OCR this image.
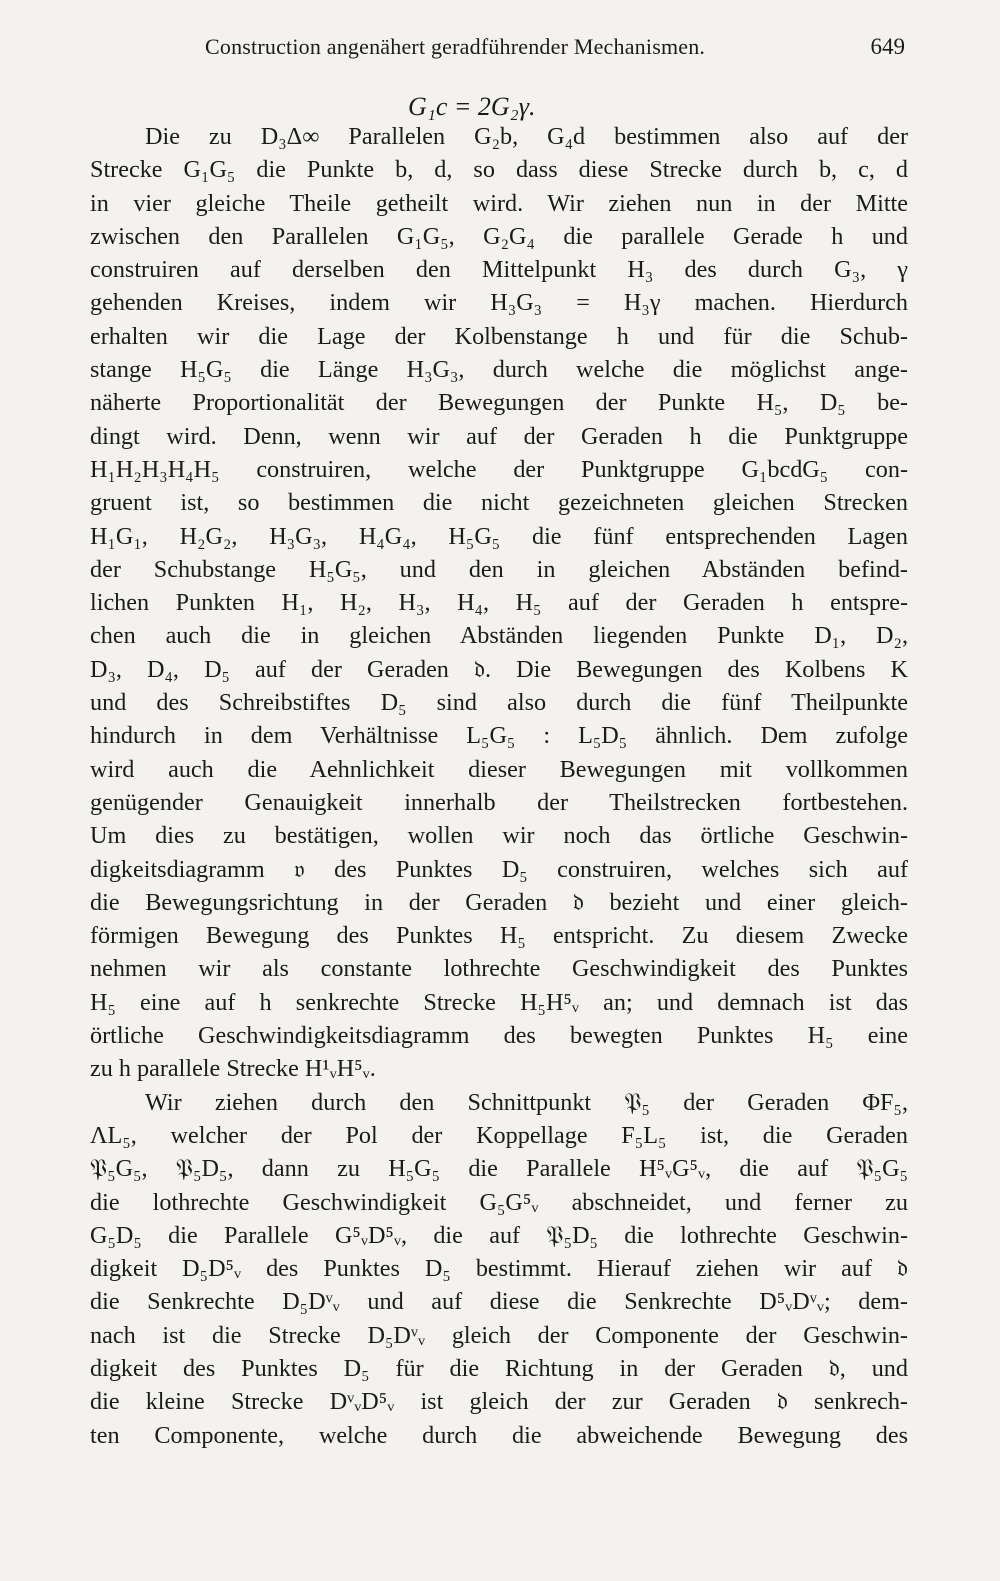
Construction angenähert geradführender Mechanismen.	649
G₁c = 2G₂γ.
Die zu D₃Δ∞ Parallelen G₂b, G₄d bestimmen also auf der
Strecke G₁G₅ die Punkte b, d, so dass diese Strecke durch b, c, d
in vier gleiche Theile getheilt wird. Wir ziehen nun in der Mitte
zwischen den Parallelen G₁G₅, G₂G₄ die parallele Gerade h und
construiren auf derselben den Mittelpunkt H₃ des durch G₃, γ
gehenden Kreises, indem wir H₃G₃ = H₃γ machen. Hierdurch
erhalten wir die Lage der Kolbenstange h und für die Schub-
stange H₅G₅ die Länge H₃G₃, durch welche die möglichst ange-
näherte Proportionalität der Bewegungen der Punkte H₅, D₅ be-
dingt wird. Denn, wenn wir auf der Geraden h die Punktgruppe
H₁H₂H₃H₄H₅ construiren, welche der Punktgruppe G₁bcdG₅ con-
gruent ist, so bestimmen die nicht gezeichneten gleichen Strecken
H₁G₁, H₂G₂, H₃G₃, H₄G₄, H₅G₅ die fünf entsprechenden Lagen
der Schubstange H₅G₅, und den in gleichen Abständen befind-
lichen Punkten H₁, H₂, H₃, H₄, H₅ auf der Geraden h entspre-
chen auch die in gleichen Abständen liegenden Punkte D₁, D₂,
D₃, D₄, D₅ auf der Geraden 𝔡. Die Bewegungen des Kolbens K
und des Schreibstiftes D₅ sind also durch die fünf Theilpunkte
hindurch in dem Verhältnisse L₅G₅ : L₅D₅ ähnlich. Dem zufolge
wird auch die Aehnlichkeit dieser Bewegungen mit vollkommen
genügender Genauigkeit innerhalb der Theilstrecken fortbestehen.
Um dies zu bestätigen, wollen wir noch das örtliche Geschwin-
digkeitsdiagramm 𝔳 des Punktes D₅ construiren, welches sich auf
die Bewegungsrichtung in der Geraden 𝔡 bezieht und einer gleich-
förmigen Bewegung des Punktes H₅ entspricht. Zu diesem Zwecke
nehmen wir als constante lothrechte Geschwindigkeit des Punktes
H₅ eine auf h senkrechte Strecke H₅H⁵ᵥ an; und demnach ist das
örtliche Geschwindigkeitsdiagramm des bewegten Punktes H₅ eine
zu h parallele Strecke H¹ᵥH⁵ᵥ.
Wir ziehen durch den Schnittpunkt 𝔓₅ der Geraden ΦF₅,
ΛL₅, welcher der Pol der Koppellage F₅L₅ ist, die Geraden
𝔓₅G₅, 𝔓₅D₅, dann zu H₅G₅ die Parallele H⁵ᵥG⁵ᵥ, die auf 𝔓₅G₅
die lothrechte Geschwindigkeit G₅G⁵ᵥ abschneidet, und ferner zu
G₅D₅ die Parallele G⁵ᵥD⁵ᵥ, die auf 𝔓₅D₅ die lothrechte Geschwin-
digkeit D₅D⁵ᵥ des Punktes D₅ bestimmt. Hierauf ziehen wir auf 𝔡
die Senkrechte D₅Dᵛᵥ und auf diese die Senkrechte D⁵ᵥDᵛᵥ; dem-
nach ist die Strecke D₅Dᵛᵥ gleich der Componente der Geschwin-
digkeit des Punktes D₅ für die Richtung in der Geraden 𝔡, und
die kleine Strecke DᵛᵥD⁵ᵥ ist gleich der zur Geraden 𝔡 senkrech-
ten Componente, welche durch die abweichende Bewegung des
